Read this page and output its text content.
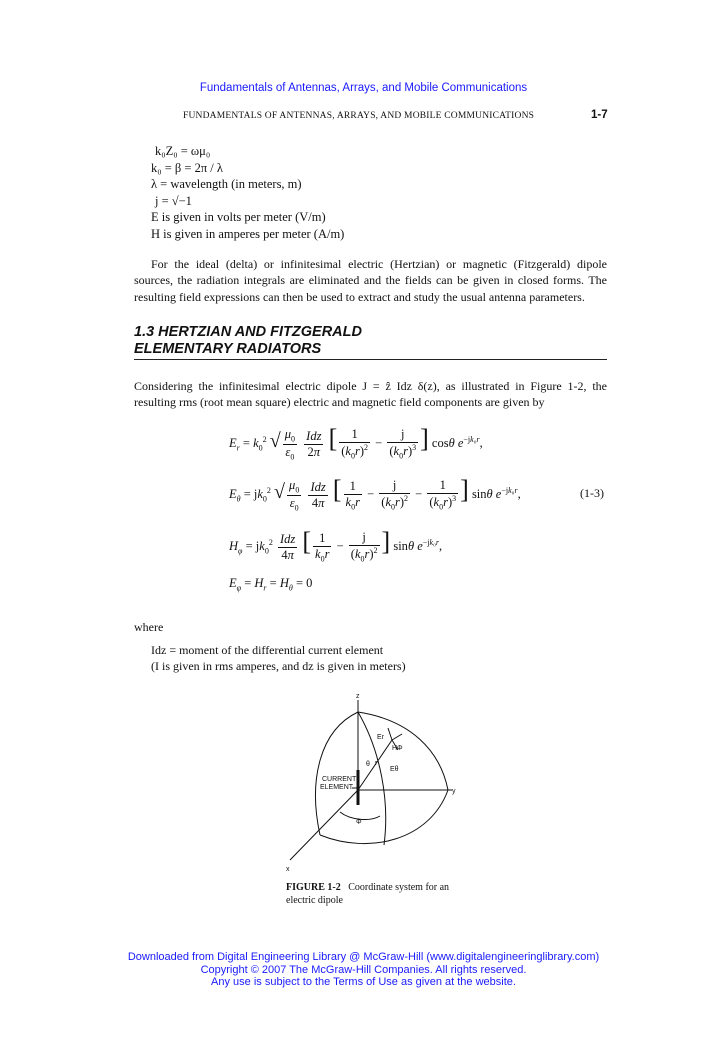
Fundamentals of Antennas, Arrays, and Mobile Communications
FUNDAMENTALS OF ANTENNAS, ARRAYS, AND MOBILE COMMUNICATIONS	1-7
k₀Z₀ = ωμ₀
k₀ = β = 2π / λ
λ = wavelength (in meters, m)
j = √−1
E is given in volts per meter (V/m)
H is given in amperes per meter (A/m)
For the ideal (delta) or infinitesimal electric (Hertzian) or magnetic (Fitzgerald) dipole sources, the radiation integrals are eliminated and the fields can be given in closed forms. The resulting field expressions can then be used to extract and study the usual antenna parameters.
1.3 HERTZIAN AND FITZGERALD
ELEMENTARY RADIATORS
Considering the infinitesimal electric dipole J = ẑ Idz δ(z), as illustrated in Figure 1-2, the resulting rms (root mean square) electric and magnetic field components are given by
$E_r = k_0^2$ √ $\frac{\mu_0}{\varepsilon_0}$
$\frac{\text{Idz}}{2\pi}$ [ $\frac{1}{(k_0r)^2} - \frac{j}{(k_0r)^3}$ ] cosθ $e^{-jk_0r}$,
$E_\theta = jk_0^2$ √ $\frac{\mu_0}{\varepsilon_0}$
$\frac{\text{Idz}}{4\pi}$ [ $\frac{1}{k_0r} - \frac{j}{(k_0r)^2} - \frac{1}{(k_0r)^3}$ ] sinθ $e^{-jk_0r}$,	(1-3)
$H_\varphi = jk_0^2 \frac{\text{Idz}}{4\pi}$ [ $\frac{1}{k_0r} - \frac{j}{(k_0r)^2}$ ] sinθ $e^{-jk_0r}$,
$E_\varphi = H_r = H_\theta = 0$
where
Idz = moment of the differential current element
(I is given in rms amperes, and dz is given in meters)
z
y
x
CURRENT
ELEMENT
Er
HΦ
Eθ
θ r
Φ
FIGURE 1-2 Coordinate system for an electric dipole
Downloaded from Digital Engineering Library @ McGraw-Hill (www.digitalengineeringlibrary.com)
Copyright © 2007 The McGraw-Hill Companies. All rights reserved.
Any use is subject to the Terms of Use as given at the website.
